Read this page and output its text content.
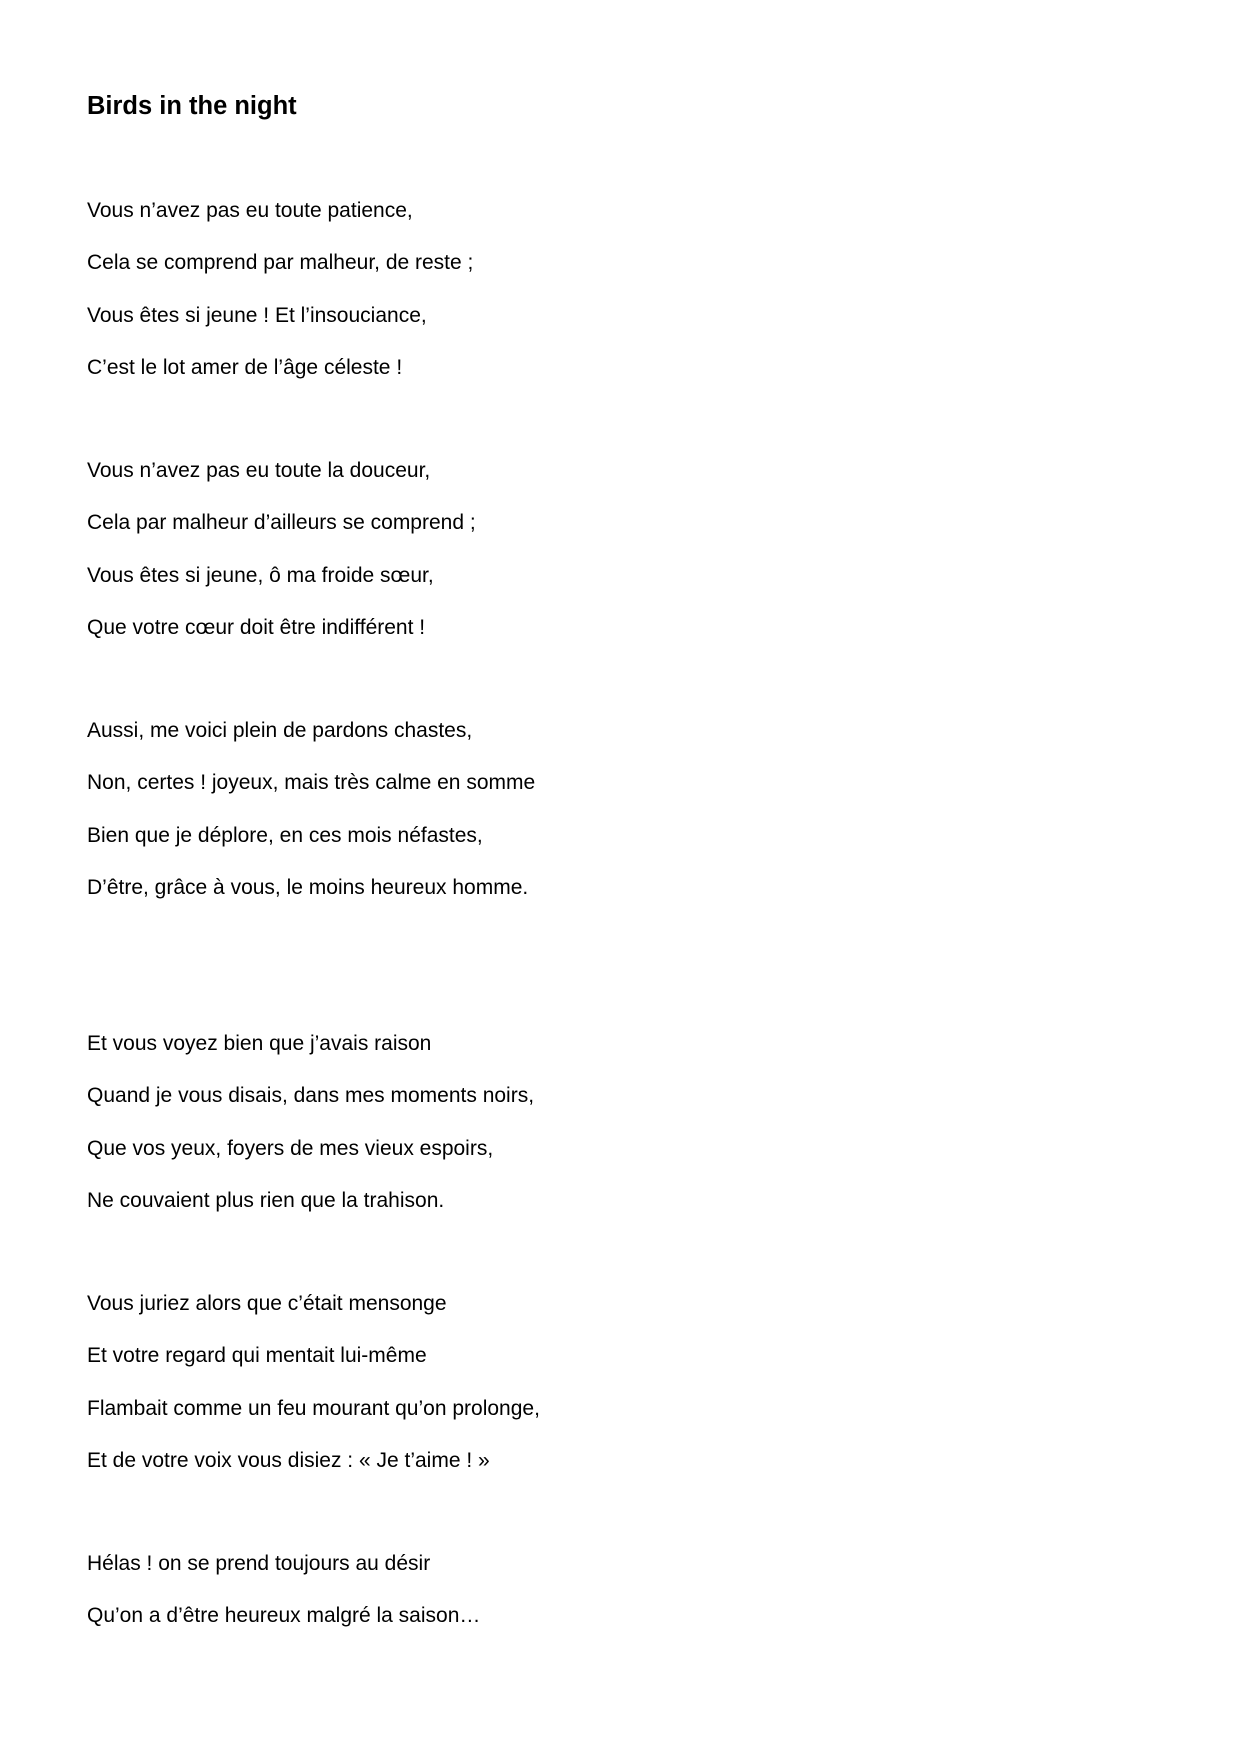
Birds in the night

Vous n’avez pas eu toute patience,

Cela se comprend par malheur, de reste ;

Vous êtes si jeune ! Et l’insouciance,

C’est le lot amer de l’âge céleste !

Vous n’avez pas eu toute la douceur,

Cela par malheur d’ailleurs se comprend ;

Vous êtes si jeune, ô ma froide sœur,

Que votre cœur doit être indifférent !

Aussi, me voici plein de pardons chastes,

Non, certes ! joyeux, mais très calme en somme

Bien que je déplore, en ces mois néfastes,

D’être, grâce à vous, le moins heureux homme.

Et vous voyez bien que j’avais raison

Quand je vous disais, dans mes moments noirs,

Que vos yeux, foyers de mes vieux espoirs,

Ne couvaient plus rien que la trahison.

Vous juriez alors que c’était mensonge

Et votre regard qui mentait lui-même

Flambait comme un feu mourant qu’on prolonge,

Et de votre voix vous disiez : « Je t’aime ! »

Hélas ! on se prend toujours au désir

Qu’on a d’être heureux malgré la saison…
